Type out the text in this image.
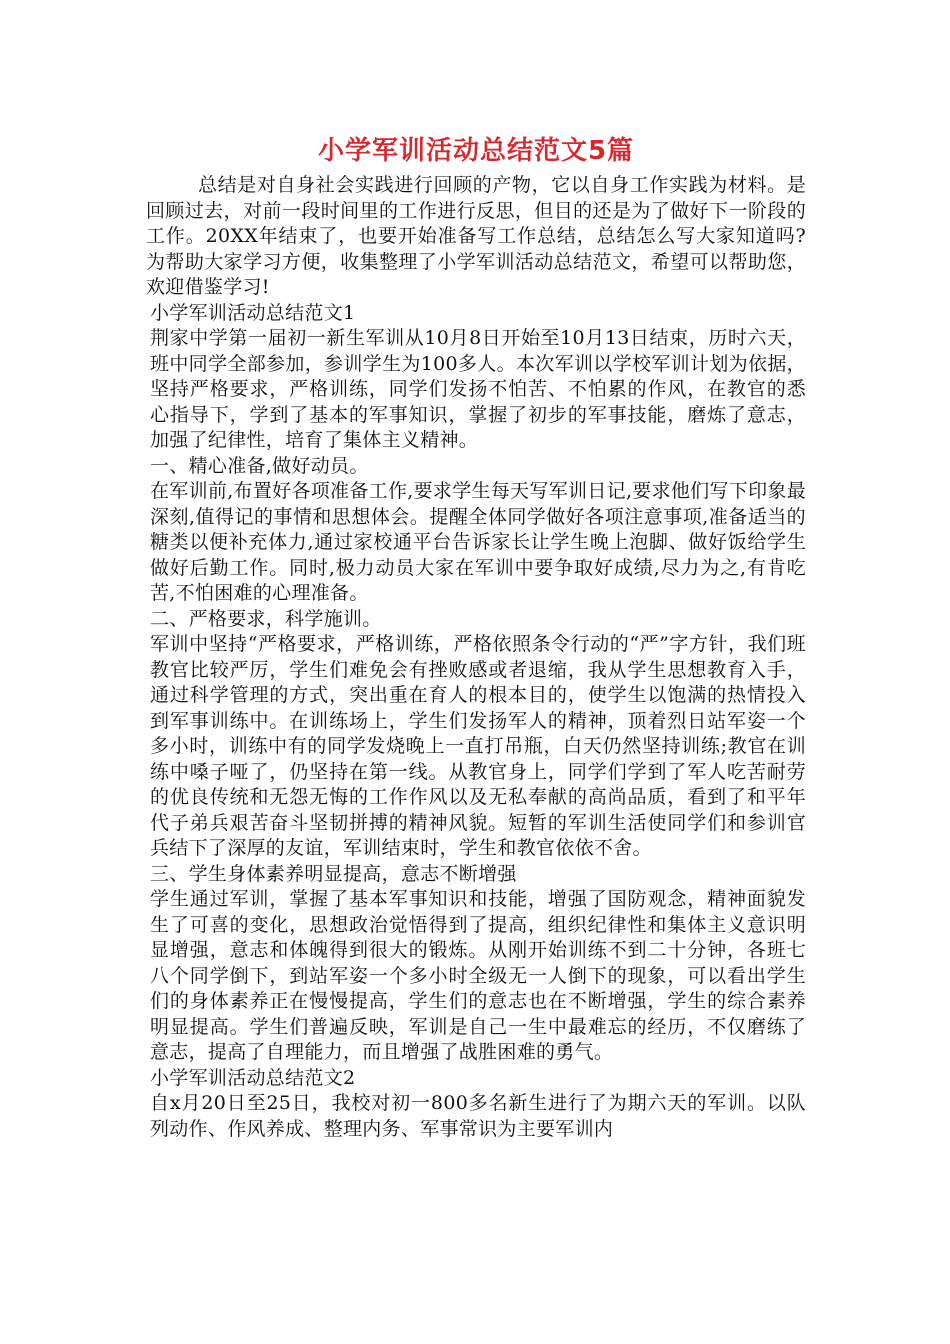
小学军训活动总结范文5篇

总结是对自身社会实践进行回顾的产物，它以自身工作实践为材料。是回顾过去，对前一段时间里的工作进行反思，但目的还是为了做好下一阶段的工作。20XX年结束了，也要开始准备写工作总结，总结怎么写大家知道吗?为帮助大家学习方便，收集整理了小学军训活动总结范文，希望可以帮助您，欢迎借鉴学习!

小学军训活动总结范文1

荆家中学第一届初一新生军训从10月8日开始至10月13日结束，历时六天，班中同学全部参加，参训学生为100多人。本次军训以学校军训计划为依据，坚持严格要求，严格训练，同学们发扬不怕苦、不怕累的作风，在教官的悉心指导下，学到了基本的军事知识，掌握了初步的军事技能，磨炼了意志，加强了纪律性，培育了集体主义精神。

一、精心准备,做好动员。

在军训前,布置好各项准备工作,要求学生每天写军训日记,要求他们写下印象最深刻,值得记的事情和思想体会。提醒全体同学做好各项注意事项,准备适当的糖类以便补充体力,通过家校通平台告诉家长让学生晚上泡脚、做好饭给学生做好后勤工作。同时,极力动员大家在军训中要争取好成绩,尽力为之,有肯吃苦,不怕困难的心理准备。

二、严格要求，科学施训。

军训中坚持“严格要求，严格训练，严格依照条令行动的“严”字方针，我们班教官比较严厉，学生们难免会有挫败感或者退缩，我从学生思想教育入手，通过科学管理的方式，突出重在育人的根本目的，使学生以饱满的热情投入到军事训练中。在训练场上，学生们发扬军人的精神，顶着烈日站军姿一个多小时，训练中有的同学发烧晚上一直打吊瓶，白天仍然坚持训练;教官在训练中嗓子哑了，仍坚持在第一线。从教官身上，同学们学到了军人吃苦耐劳的优良传统和无怨无悔的工作作风以及无私奉献的高尚品质，看到了和平年代子弟兵艰苦奋斗坚韧拼搏的精神风貌。短暂的军训生活使同学们和参训官兵结下了深厚的友谊，军训结束时，学生和教官依依不舍。

三、学生身体素养明显提高，意志不断增强

学生通过军训，掌握了基本军事知识和技能，增强了国防观念，精神面貌发生了可喜的变化，思想政治觉悟得到了提高，组织纪律性和集体主义意识明显增强，意志和体魄得到很大的锻炼。从刚开始训练不到二十分钟，各班七八个同学倒下，到站军姿一个多小时全级无一人倒下的现象，可以看出学生们的身体素养正在慢慢提高，学生们的意志也在不断增强，学生的综合素养明显提高。学生们普遍反映，军训是自己一生中最难忘的经历，不仅磨练了意志，提高了自理能力，而且增强了战胜困难的勇气。

小学军训活动总结范文2

自x月20日至25日，我校对初一800多名新生进行了为期六天的军训。以队列动作、作风养成、整理内务、军事常识为主要军训内
